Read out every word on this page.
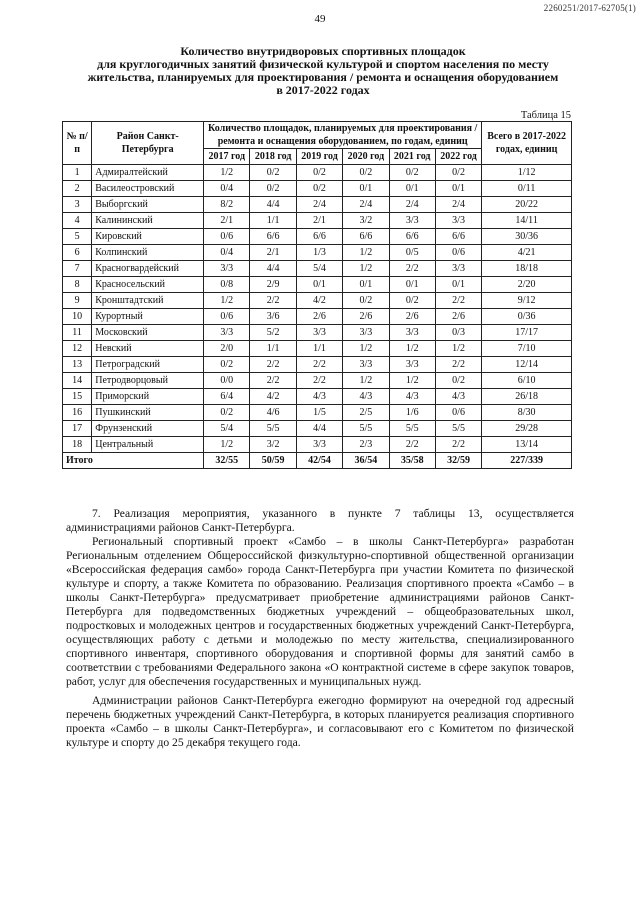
2260251/2017-62705(1)
49
Количество внутридворовых спортивных площадок
для круглогодичных занятий физической культурой и спортом населения по месту
жительства, планируемых для проектирования / ремонта и оснащения оборудованием
в 2017-2022 годах
Таблица 15
№ п/п	Район Санкт-Петербурга	Количество площадок, планируемых для проектирования / ремонта и оснащения оборудованием, по годам, единиц						Всего в 2017-2022 годах, единиц
		2017 год	2018 год	2019 год	2020 год	2021 год	2022 год	
1	Адмиралтейский	1/2	0/2	0/2	0/2	0/2	0/2	1/12
2	Василеостровский	0/4	0/2	0/2	0/1	0/1	0/1	0/11
3	Выборгский	8/2	4/4	2/4	2/4	2/4	2/4	20/22
4	Калининский	2/1	1/1	2/1	3/2	3/3	3/3	14/11
5	Кировский	0/6	6/6	6/6	6/6	6/6	6/6	30/36
6	Колпинский	0/4	2/1	1/3	1/2	0/5	0/6	4/21
7	Красногвардейский	3/3	4/4	5/4	1/2	2/2	3/3	18/18
8	Красносельский	0/8	2/9	0/1	0/1	0/1	0/1	2/20
9	Кронштадтский	1/2	2/2	4/2	0/2	0/2	2/2	9/12
10	Курортный	0/6	3/6	2/6	2/6	2/6	2/6	0/36
11	Московский	3/3	5/2	3/3	3/3	3/3	0/3	17/17
12	Невский	2/0	1/1	1/1	1/2	1/2	1/2	7/10
13	Петроградский	0/2	2/2	2/2	3/3	3/3	2/2	12/14
14	Петродворцовый	0/0	2/2	2/2	1/2	1/2	0/2	6/10
15	Приморский	6/4	4/2	4/3	4/3	4/3	4/3	26/18
16	Пушкинский	0/2	4/6	1/5	2/5	1/6	0/6	8/30
17	Фрунзенский	5/4	5/5	4/4	5/5	5/5	5/5	29/28
18	Центральный	1/2	3/2	3/3	2/3	2/2	2/2	13/14
Итого		32/55	50/59	42/54	36/54	35/58	32/59	227/339

7. Реализация мероприятия, указанного в пункте 7 таблицы 13, осуществляется администрациями районов Санкт-Петербурга.

Региональный спортивный проект «Самбо – в школы Санкт-Петербурга» разработан Региональным отделением Общероссийской физкультурно-спортивной общественной организации «Всероссийская федерация самбо» города Санкт-Петербурга при участии Комитета по физической культуре и спорту, а также Комитета по образованию. Реализация спортивного проекта «Самбо – в школы Санкт-Петербурга» предусматривает приобретение администрациями районов Санкт-Петербурга для подведомственных бюджетных учреждений – общеобразовательных школ, подростковых и молодежных центров и государственных бюджетных учреждений Санкт-Петербурга, осуществляющих работу с детьми и молодежью по месту жительства, специализированного спортивного инвентаря, спортивного оборудования и спортивной формы для занятий самбо в соответствии с требованиями Федерального закона «О контрактной системе в сфере закупок товаров, работ, услуг для обеспечения государственных и муниципальных нужд.

Администрации районов Санкт-Петербурга ежегодно формируют на очередной год адресный перечень бюджетных учреждений Санкт-Петербурга, в которых планируется реализация спортивного проекта «Самбо – в школы Санкт-Петербурга», и согласовывают его с Комитетом по физической культуре и спорту до 25 декабря текущего года.
